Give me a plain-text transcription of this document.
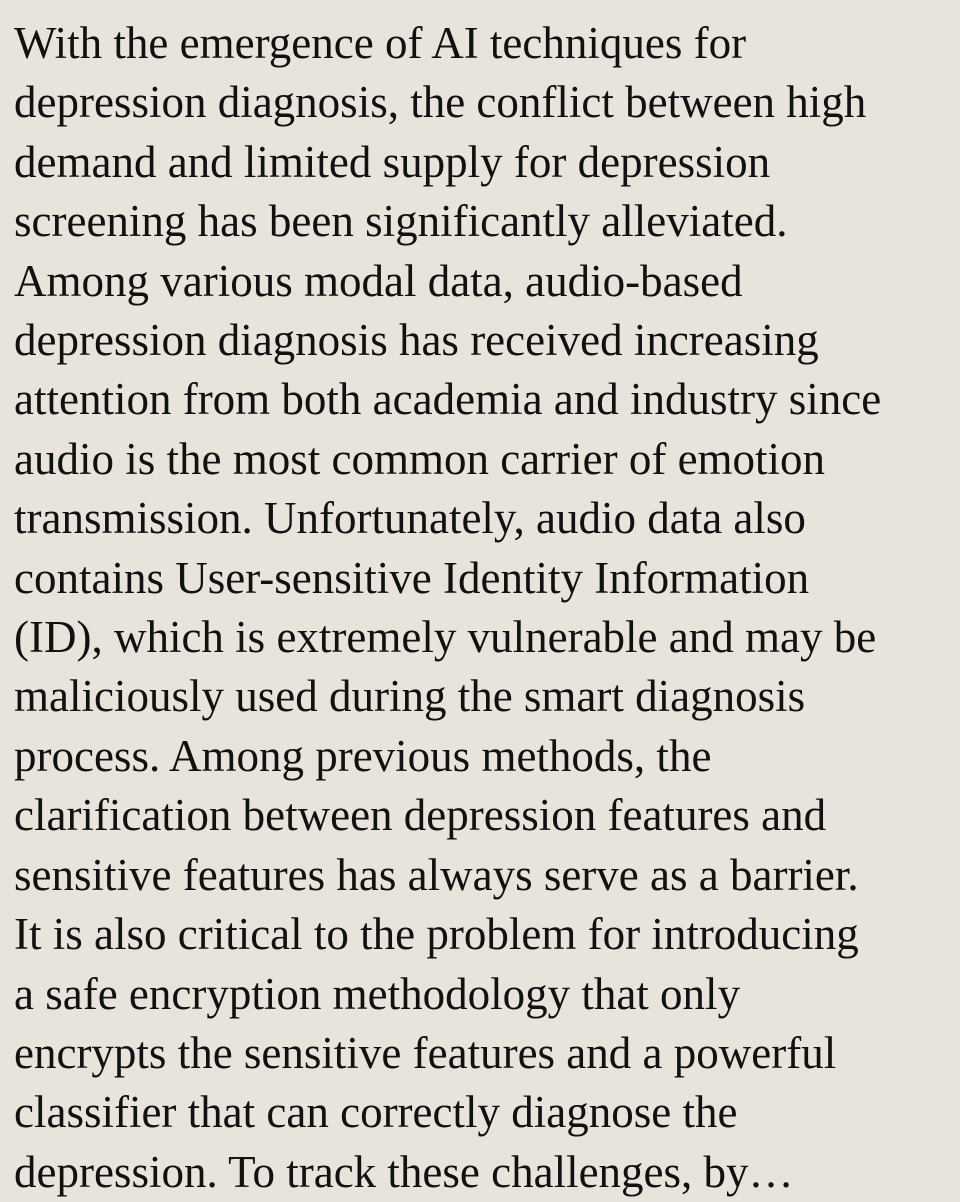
With the emergence of AI techniques for
depression diagnosis, the conflict between high
demand and limited supply for depression
screening has been significantly alleviated.
Among various modal data, audio-based
depression diagnosis has received increasing
attention from both academia and industry since
audio is the most common carrier of emotion
transmission. Unfortunately, audio data also
contains User-sensitive Identity Information
(ID), which is extremely vulnerable and may be
maliciously used during the smart diagnosis
process. Among previous methods, the
clarification between depression features and
sensitive features has always serve as a barrier.
It is also critical to the problem for introducing
a safe encryption methodology that only
encrypts the sensitive features and a powerful
classifier that can correctly diagnose the
depression. To track these challenges, by…
